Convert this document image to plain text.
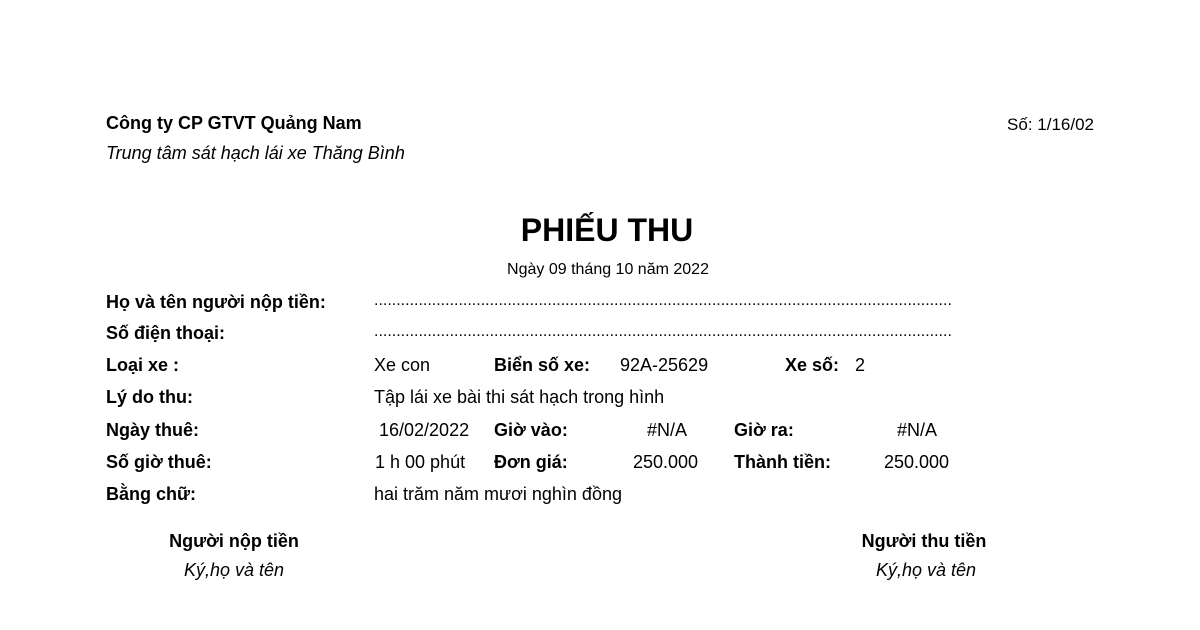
Công ty CP GTVT Quảng Nam
Trung tâm sát hạch lái xe Thăng Bình
Số: 1/16/02
PHIẾU THU
Ngày 09 tháng 10 năm 2022
Họ và tên người nộp tiền:	..................................................................................................................................
Số điện thoại:	..................................................................................................................................
Loại xe :	Xe con	Biển số xe: 92A-25629	Xe số: 2
Lý do thu:	Tập lái xe bài thi sát hạch trong hình
Ngày thuê:	16/02/2022 Giờ vào:	#N/A	Giờ ra:	#N/A
Số giờ thuê:	1 h 00 phút Đơn giá:	250.000 Thành tiền:	250.000
Bằng chữ:	hai trăm năm mươi nghìn đồng
Người nộp tiền
Ký,họ và tên
Người thu tiền
Ký,họ và tên
